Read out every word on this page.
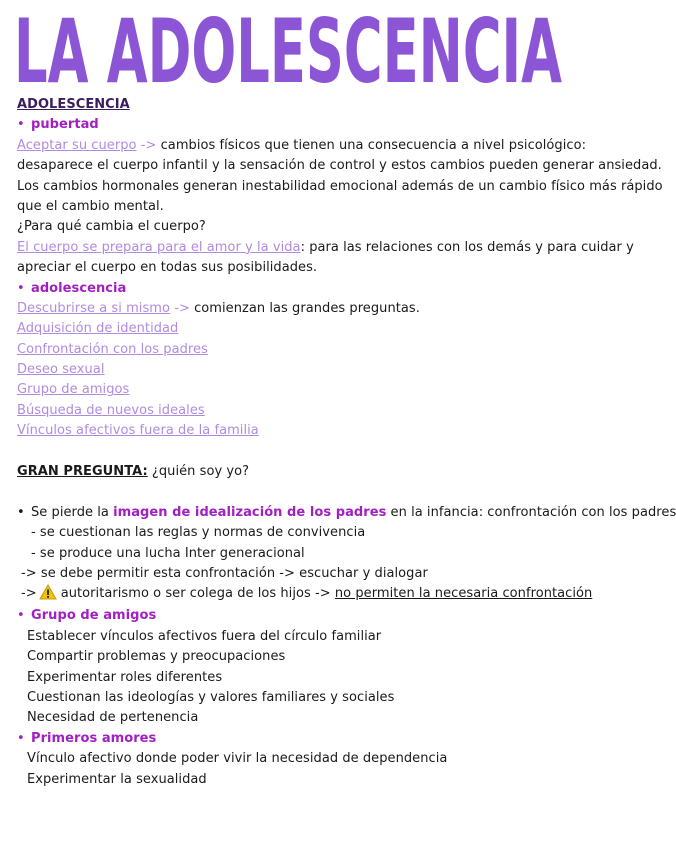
LA ADOLESCENCIA
ADOLESCENCIA
• pubertad
Aceptar su cuerpo -> cambios físicos que tienen una consecuencia a nivel psicológico:
desaparece el cuerpo infantil y la sensación de control y estos cambios pueden generar ansiedad.
Los cambios hormonales generan inestabilidad emocional además de un cambio físico más rápido
que el cambio mental.
¿Para qué cambia el cuerpo?
El cuerpo se prepara para el amor y la vida: para las relaciones con los demás y para cuidar y
apreciar el cuerpo en todas sus posibilidades.
• adolescencia
Descubrirse a si mismo -> comienzan las grandes preguntas.
Adquisición de identidad
Confrontación con los padres
Deseo sexual
Grupo de amigos
Búsqueda de nuevos ideales
Vínculos afectivos fuera de la familia
GRAN PREGUNTA: ¿quién soy yo?
• Se pierde la imagen de idealización de los padres en la infancia: confrontación con los padres
- se cuestionan las reglas y normas de convivencia
- se produce una lucha Inter generacional
-> se debe permitir esta confrontación -> escuchar y dialogar
-> autoritarismo o ser colega de los hijos -> no permiten la necesaria confrontación
• Grupo de amigos
Establecer vínculos afectivos fuera del círculo familiar
Compartir problemas y preocupaciones
Experimentar roles diferentes
Cuestionan las ideologías y valores familiares y sociales
Necesidad de pertenencia
• Primeros amores
Vínculo afectivo donde poder vivir la necesidad de dependencia
Experimentar la sexualidad
